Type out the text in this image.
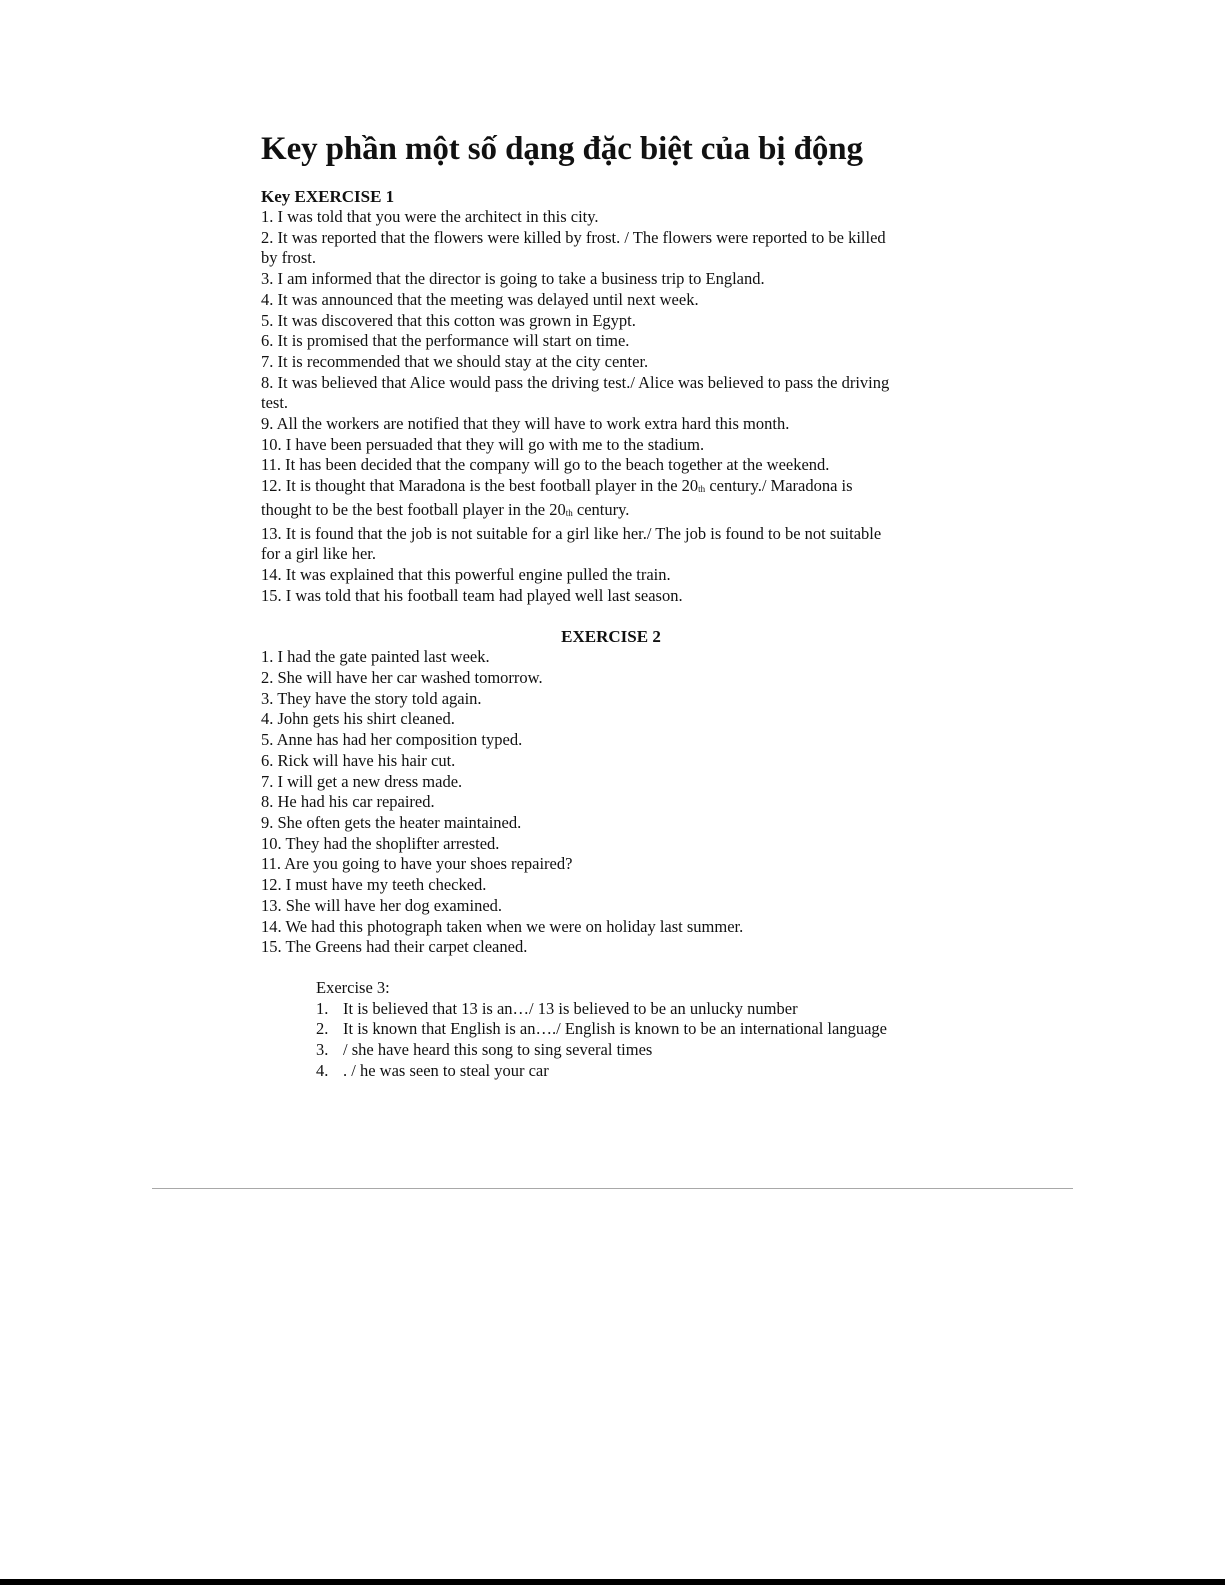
Key phần một số dạng đặc biệt của bị động
Key EXERCISE 1
1. I was told that you were the architect in this city.
2. It was reported that the flowers were killed by frost. / The flowers were reported to be killed
by frost.
3. I am informed that the director is going to take a business trip to England.
4. It was announced that the meeting was delayed until next week.
5. It was discovered that this cotton was grown in Egypt.
6. It is promised that the performance will start on time.
7. It is recommended that we should stay at the city center.
8. It was believed that Alice would pass the driving test./ Alice was believed to pass the driving
test.
9. All the workers are notified that they will have to work extra hard this month.
10. I have been persuaded that they will go with me to the stadium.
11. It has been decided that the company will go to the beach together at the weekend.
12. It is thought that Maradona is the best football player in the $20_{th}$ century./ Maradona is
thought to be the best football player in the $20_{th}$ century.
13. It is found that the job is not suitable for a girl like her./ The job is found to be not suitable
for a girl like her.
14. It was explained that this powerful engine pulled the train.
15. I was told that his football team had played well last season.
EXERCISE 2
1. I had the gate painted last week.
2. She will have her car washed tomorrow.
3. They have the story told again.
4. John gets his shirt cleaned.
5. Anne has had her composition typed.
6. Rick will have his hair cut.
7. I will get a new dress made.
8. He had his car repaired.
9. She often gets the heater maintained.
10. They had the shoplifter arrested.
11. Are you going to have your shoes repaired?
12. I must have my teeth checked.
13. She will have her dog examined.
14. We had this photograph taken when we were on holiday last summer.
15. The Greens had their carpet cleaned.
Exercise 3:
1. It is believed that 13 is an…/ 13 is believed to be an unlucky number
2. It is known that English is an…./ English is known to be an international language
3. / she have heard this song to sing several times
4. . / he was seen to steal your car
